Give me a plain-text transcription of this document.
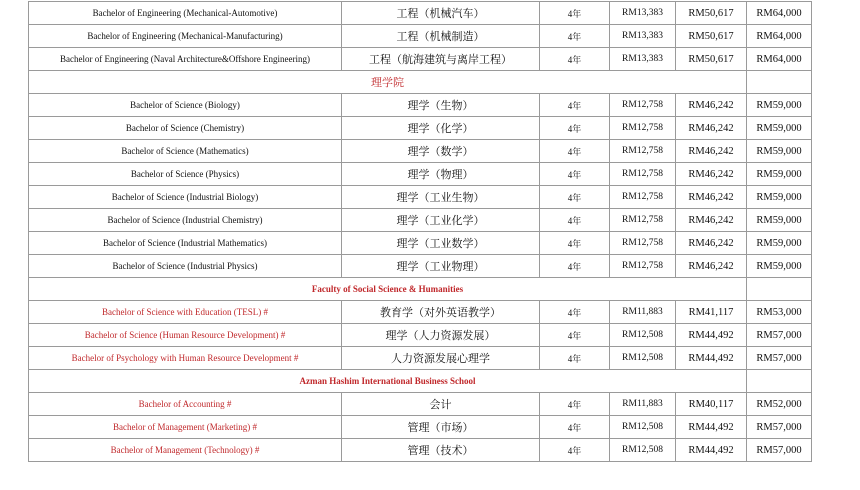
Bachelor of Engineering (Mechanical-Automotive)	工程（机械汽车）	4年	RM13,383	RM50,617	RM64,000
Bachelor of Engineering (Mechanical-Manufacturing)	工程（机械制造）	4年	RM13,383	RM50,617	RM64,000
Bachelor of Engineering (Naval Architecture&Offshore Engineering)	工程（航海建筑与离岸工程）	4年	RM13,383	RM50,617	RM64,000
理学院					
Bachelor of Science (Biology)	理学（生物）	4年	RM12,758	RM46,242	RM59,000
Bachelor of Science (Chemistry)	理学（化学）	4年	RM12,758	RM46,242	RM59,000
Bachelor of Science (Mathematics)	理学（数学）	4年	RM12,758	RM46,242	RM59,000
Bachelor of Science (Physics)	理学（物理）	4年	RM12,758	RM46,242	RM59,000
Bachelor of Science (Industrial Biology)	理学（工业生物）	4年	RM12,758	RM46,242	RM59,000
Bachelor of Science (Industrial Chemistry)	理学（工业化学）	4年	RM12,758	RM46,242	RM59,000
Bachelor of Science (Industrial Mathematics)	理学（工业数学）	4年	RM12,758	RM46,242	RM59,000
Bachelor of Science (Industrial Physics)	理学（工业物理）	4年	RM12,758	RM46,242	RM59,000
Faculty of Social Science & Humanities					
Bachelor of Science with Education (TESL) #	教育学（对外英语教学）	4年	RM11,883	RM41,117	RM53,000
Bachelor of Science (Human Resource Development) #	理学（人力资源发展）	4年	RM12,508	RM44,492	RM57,000
Bachelor of Psychology with Human Resource Development #	人力资源发展心理学	4年	RM12,508	RM44,492	RM57,000
Azman Hashim International Business School					
Bachelor of Accounting #	会计	4年	RM11,883	RM40,117	RM52,000
Bachelor of Management (Marketing) #	管理（市场）	4年	RM12,508	RM44,492	RM57,000
Bachelor of Management (Technology) #	管理（技术）	4年	RM12,508	RM44,492	RM57,000
